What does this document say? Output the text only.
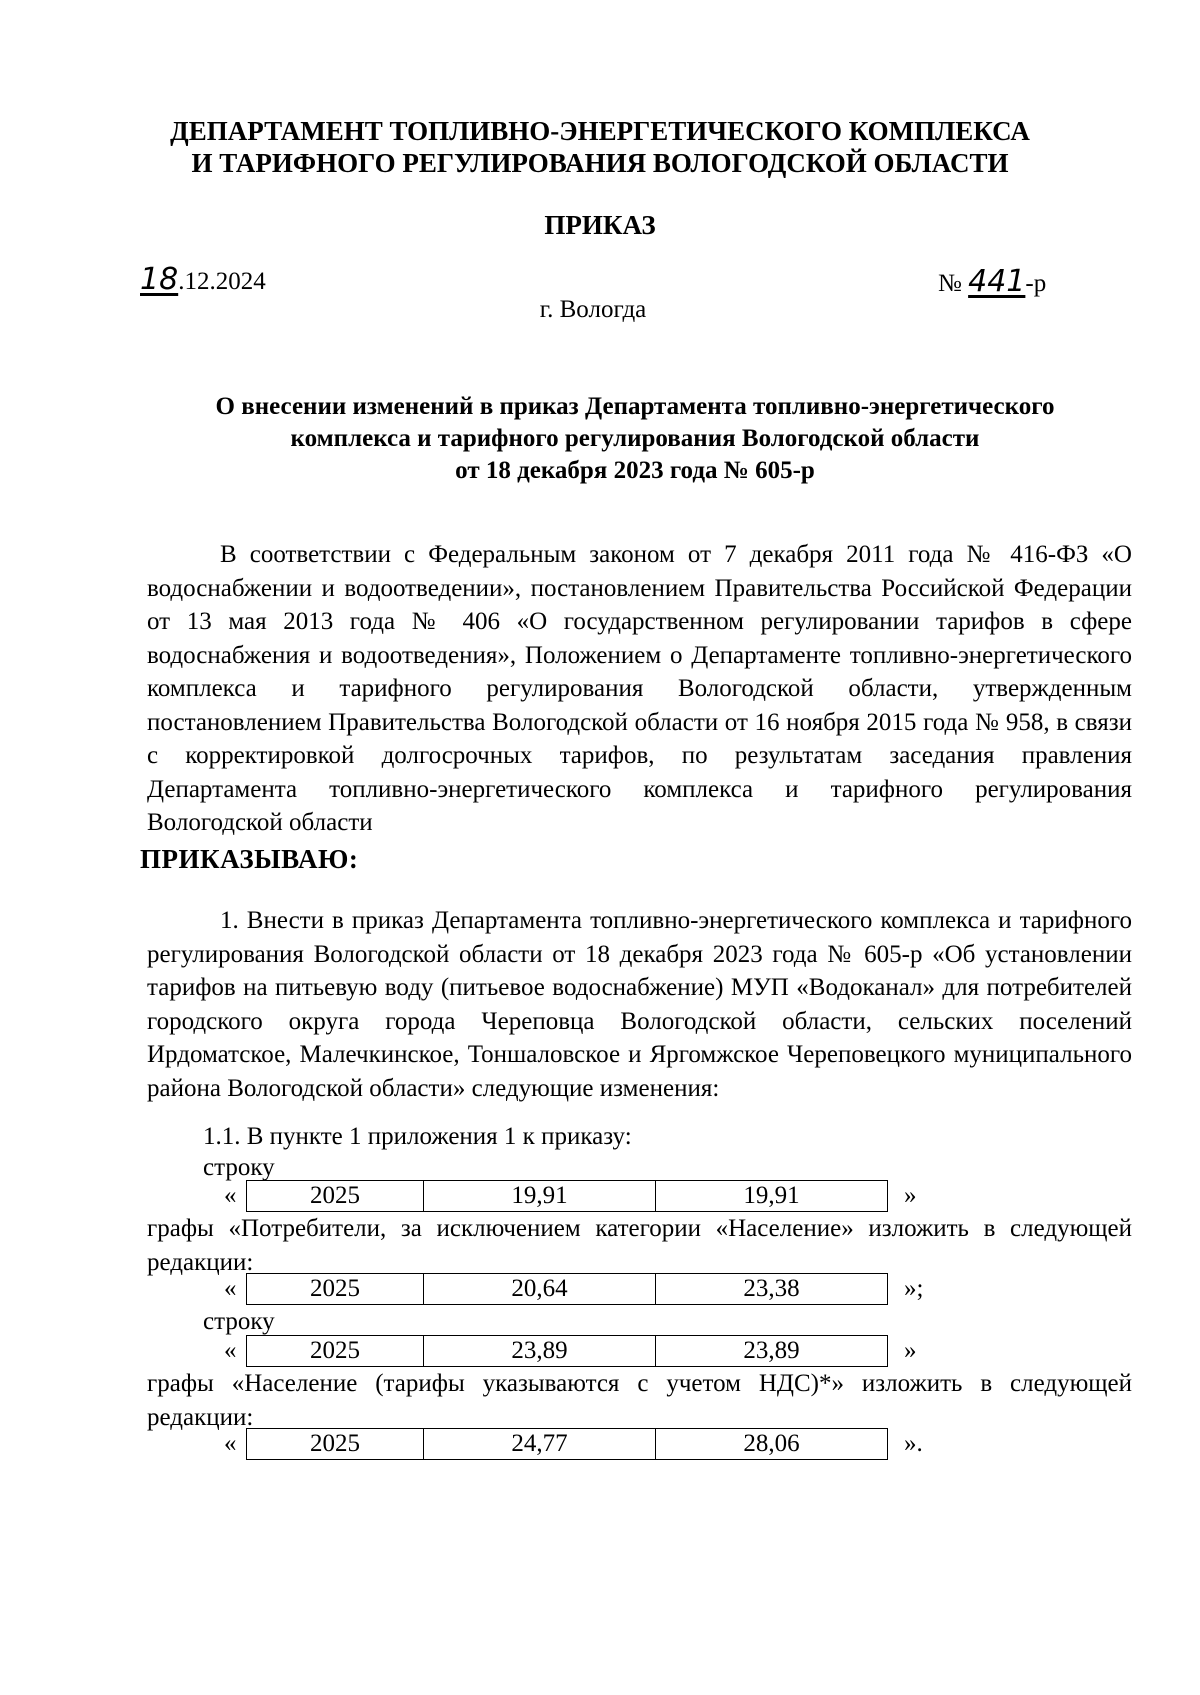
ДЕПАРТАМЕНТ ТОПЛИВНО-ЭНЕРГЕТИЧЕСКОГО КОМПЛЕКСА
И ТАРИФНОГО РЕГУЛИРОВАНИЯ ВОЛОГОДСКОЙ ОБЛАСТИ
ПРИКАЗ
18.12.2024	№ 441-р
г. Вологда
О внесении изменений в приказ Департамента топливно-энергетического
комплекса и тарифного регулирования Вологодской области
от 18 декабря 2023 года № 605-р

В соответствии с Федеральным законом от 7 декабря 2011 года № 416-ФЗ «О водоснабжении и водоотведении», постановлением Правительства Российской Федерации от 13 мая 2013 года № 406 «О государственном регулировании тарифов в сфере водоснабжения и водоотведения», Положением о Департаменте топливно-энергетического комплекса и тарифного регулирования Вологодской области, утвержденным постановлением Правительства Вологодской области от 16 ноября 2015 года № 958, в связи с корректировкой долгосрочных тарифов, по результатам заседания правления Департамента топливно-энергетического комплекса и тарифного регулирования Вологодской области

ПРИКАЗЫВАЮ:

1. Внести в приказ Департамента топливно-энергетического комплекса и тарифного регулирования Вологодской области от 18 декабря 2023 года № 605-р «Об установлении тарифов на питьевую воду (питьевое водоснабжение) МУП «Водоканал» для потребителей городского округа города Череповца Вологодской области, сельских поселений Ирдоматское, Малечкинское, Тоншаловское и Яргомжское Череповецкого муниципального района Вологодской области» следующие изменения:

1.1. В пункте 1 приложения 1 к приказу:
строку
«	2025	19,91	19,91	»

графы «Потребители, за исключением категории «Население» изложить в следующей редакции:

«	2025	20,64	23,38	»;
строку
«	2025	23,89	23,89	»

графы «Население (тарифы указываются с учетом НДС)*» изложить в следующей редакции:

«	2025	24,77	28,06	».
